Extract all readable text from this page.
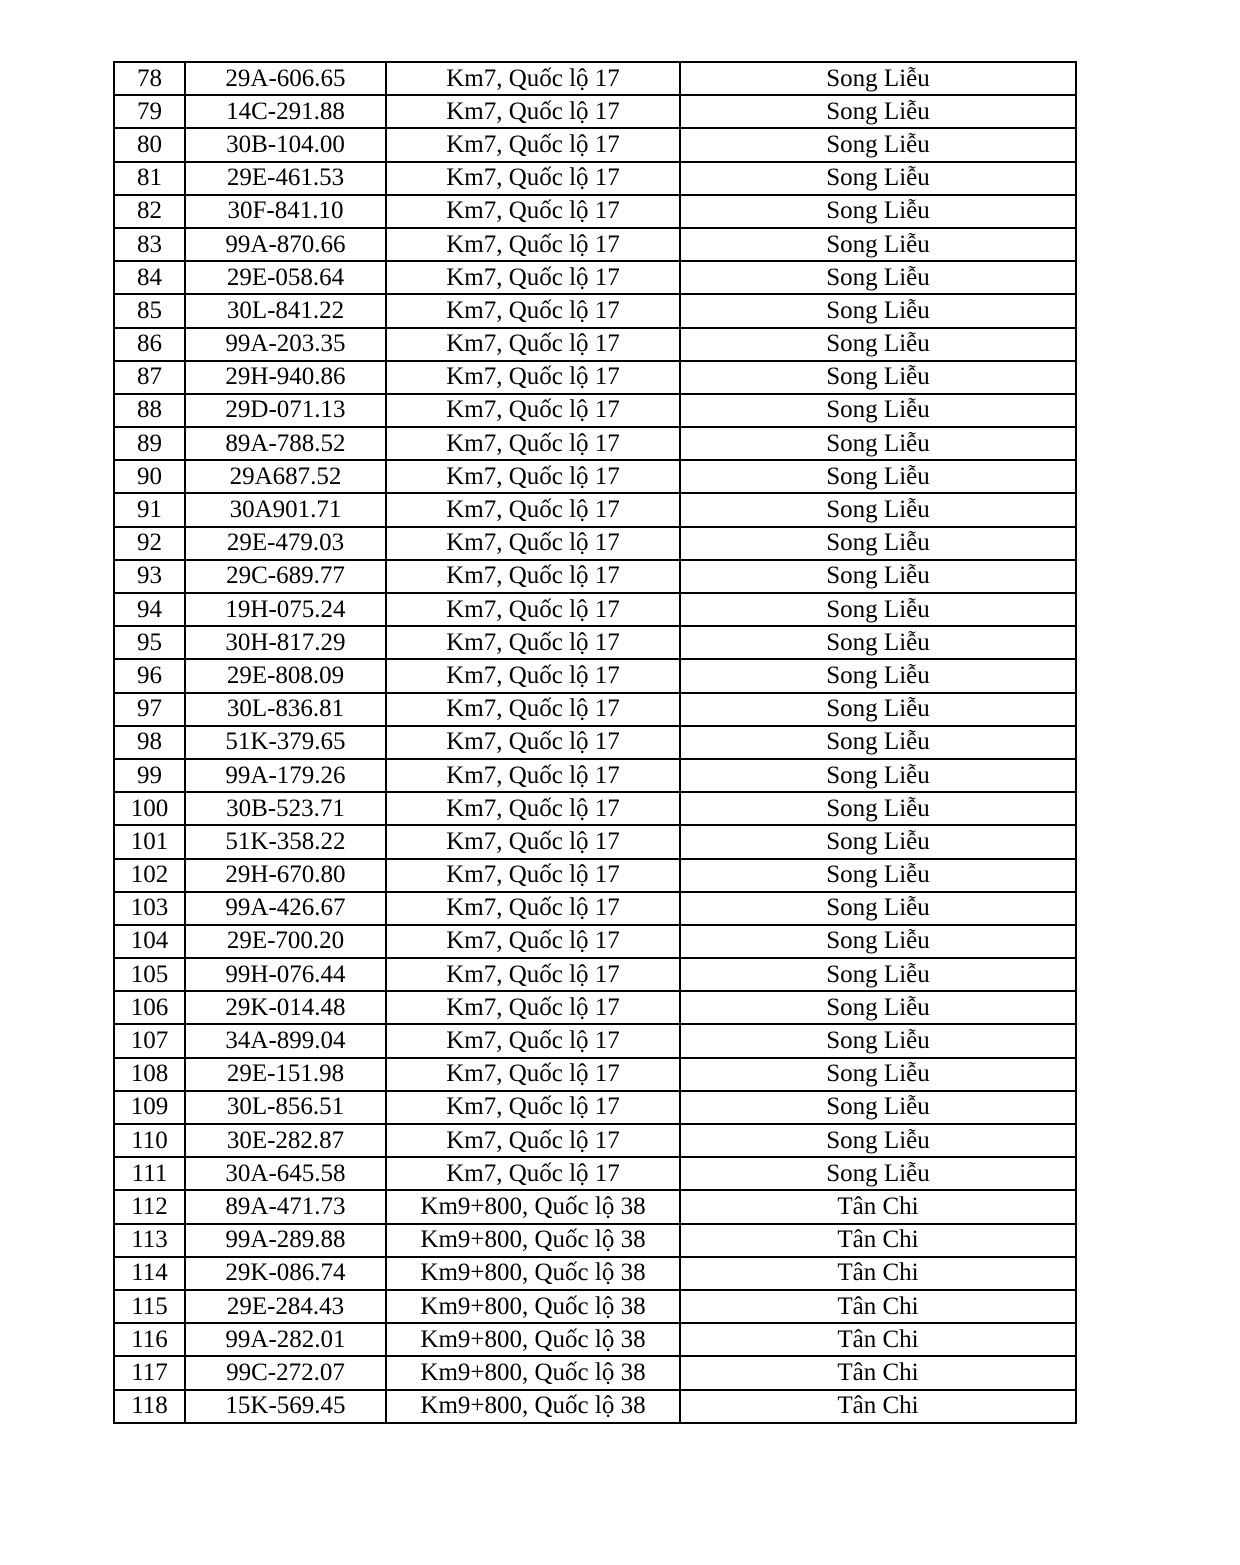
78	29A-606.65	Km7, Quốc lộ 17	Song Liễu
79	14C-291.88	Km7, Quốc lộ 17	Song Liễu
80	30B-104.00	Km7, Quốc lộ 17	Song Liễu
81	29E-461.53	Km7, Quốc lộ 17	Song Liễu
82	30F-841.10	Km7, Quốc lộ 17	Song Liễu
83	99A-870.66	Km7, Quốc lộ 17	Song Liễu
84	29E-058.64	Km7, Quốc lộ 17	Song Liễu
85	30L-841.22	Km7, Quốc lộ 17	Song Liễu
86	99A-203.35	Km7, Quốc lộ 17	Song Liễu
87	29H-940.86	Km7, Quốc lộ 17	Song Liễu
88	29D-071.13	Km7, Quốc lộ 17	Song Liễu
89	89A-788.52	Km7, Quốc lộ 17	Song Liễu
90	29A687.52	Km7, Quốc lộ 17	Song Liễu
91	30A901.71	Km7, Quốc lộ 17	Song Liễu
92	29E-479.03	Km7, Quốc lộ 17	Song Liễu
93	29C-689.77	Km7, Quốc lộ 17	Song Liễu
94	19H-075.24	Km7, Quốc lộ 17	Song Liễu
95	30H-817.29	Km7, Quốc lộ 17	Song Liễu
96	29E-808.09	Km7, Quốc lộ 17	Song Liễu
97	30L-836.81	Km7, Quốc lộ 17	Song Liễu
98	51K-379.65	Km7, Quốc lộ 17	Song Liễu
99	99A-179.26	Km7, Quốc lộ 17	Song Liễu
100	30B-523.71	Km7, Quốc lộ 17	Song Liễu
101	51K-358.22	Km7, Quốc lộ 17	Song Liễu
102	29H-670.80	Km7, Quốc lộ 17	Song Liễu
103	99A-426.67	Km7, Quốc lộ 17	Song Liễu
104	29E-700.20	Km7, Quốc lộ 17	Song Liễu
105	99H-076.44	Km7, Quốc lộ 17	Song Liễu
106	29K-014.48	Km7, Quốc lộ 17	Song Liễu
107	34A-899.04	Km7, Quốc lộ 17	Song Liễu
108	29E-151.98	Km7, Quốc lộ 17	Song Liễu
109	30L-856.51	Km7, Quốc lộ 17	Song Liễu
110	30E-282.87	Km7, Quốc lộ 17	Song Liễu
111	30A-645.58	Km7, Quốc lộ 17	Song Liễu
112	89A-471.73	Km9+800, Quốc lộ 38	Tân Chi
113	99A-289.88	Km9+800, Quốc lộ 38	Tân Chi
114	29K-086.74	Km9+800, Quốc lộ 38	Tân Chi
115	29E-284.43	Km9+800, Quốc lộ 38	Tân Chi
116	99A-282.01	Km9+800, Quốc lộ 38	Tân Chi
117	99C-272.07	Km9+800, Quốc lộ 38	Tân Chi
118	15K-569.45	Km9+800, Quốc lộ 38	Tân Chi
